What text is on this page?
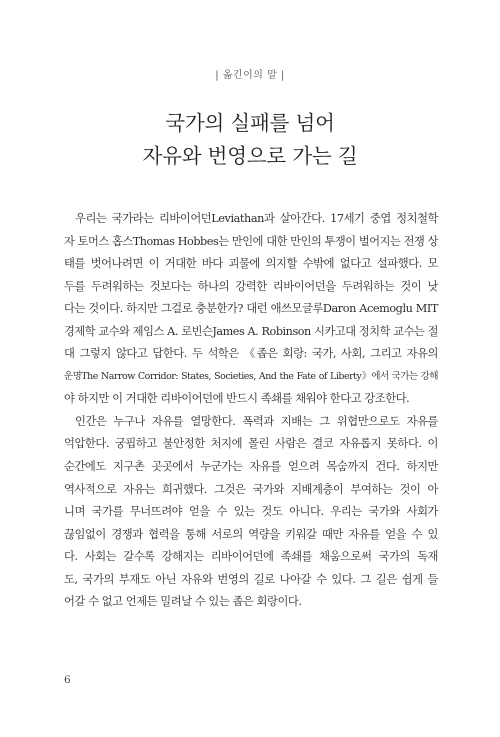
| 옮긴이의 말 |
국가의 실패를 넘어
자유와 번영으로 가는 길

우리는 국가라는 리바이어던Leviathan과 살아간다. 17세기 중엽 정치철학
자 토머스 홉스Thomas Hobbes는 만인에 대한 만인의 투쟁이 벌어지는 전쟁 상
태를 벗어나려면 이 거대한 바다 괴물에 의지할 수밖에 없다고 설파했다. 모
두를 두려워하는 것보다는 하나의 강력한 리바이어던을 두려워하는 것이 낫
다는 것이다. 하지만 그걸로 충분한가? 대런 애쓰모글루Daron Acemoglu MIT
경제학 교수와 제임스 A. 로빈슨James A. Robinson 시카고대 정치학 교수는 절
대 그렇지 않다고 답한다. 두 석학은 《좁은 회랑: 국가, 사회, 그리고 자유의
운명The Narrow Corridor: States, Societies, And the Fate of Liberty》에서 국가는 강해
야 하지만 이 거대한 리바이어던에 반드시 족쇄를 채워야 한다고 강조한다.

인간은 누구나 자유를 열망한다. 폭력과 지배는 그 위협만으로도 자유를
억압한다. 궁핍하고 불안정한 처지에 몰린 사람은 결코 자유롭지 못하다. 이
순간에도 지구촌 곳곳에서 누군가는 자유를 얻으려 목숨까지 건다. 하지만
역사적으로 자유는 희귀했다. 그것은 국가와 지배계층이 부여하는 것이 아
니며 국가를 무너뜨려야 얻을 수 있는 것도 아니다. 우리는 국가와 사회가
끊임없이 경쟁과 협력을 통해 서로의 역량을 키워갈 때만 자유를 얻을 수 있
다. 사회는 갈수록 강해지는 리바이어던에 족쇄를 채움으로써 국가의 독재
도, 국가의 부재도 아닌 자유와 번영의 길로 나아갈 수 있다. 그 길은 쉽게 들
어갈 수 없고 언제든 밀려날 수 있는 좁은 회랑이다.

6
